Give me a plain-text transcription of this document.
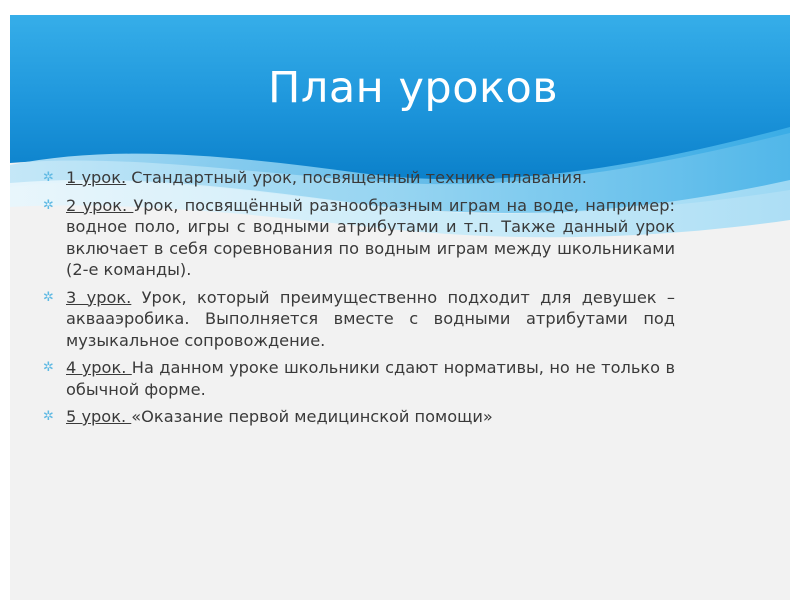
План уроков
✲ 1 урок. Стандартный урок, посвященный технике плавания.
✲ 2 урок. Урок, посвящённый разнообразным играм на воде, например: водное поло, игры с водными атрибутами и т.п. Также данный урок включает в себя соревнования по водным играм между школьниками (2-е команды).
✲ 3 урок. Урок, который преимущественно подходит для девушек – аквааэробика. Выполняется вместе с водными атрибутами под музыкальное сопровождение.
✲ 4 урок. На данном уроке школьники сдают нормативы, но не только в обычной форме.
✲ 5 урок. «Оказание первой медицинской помощи»
